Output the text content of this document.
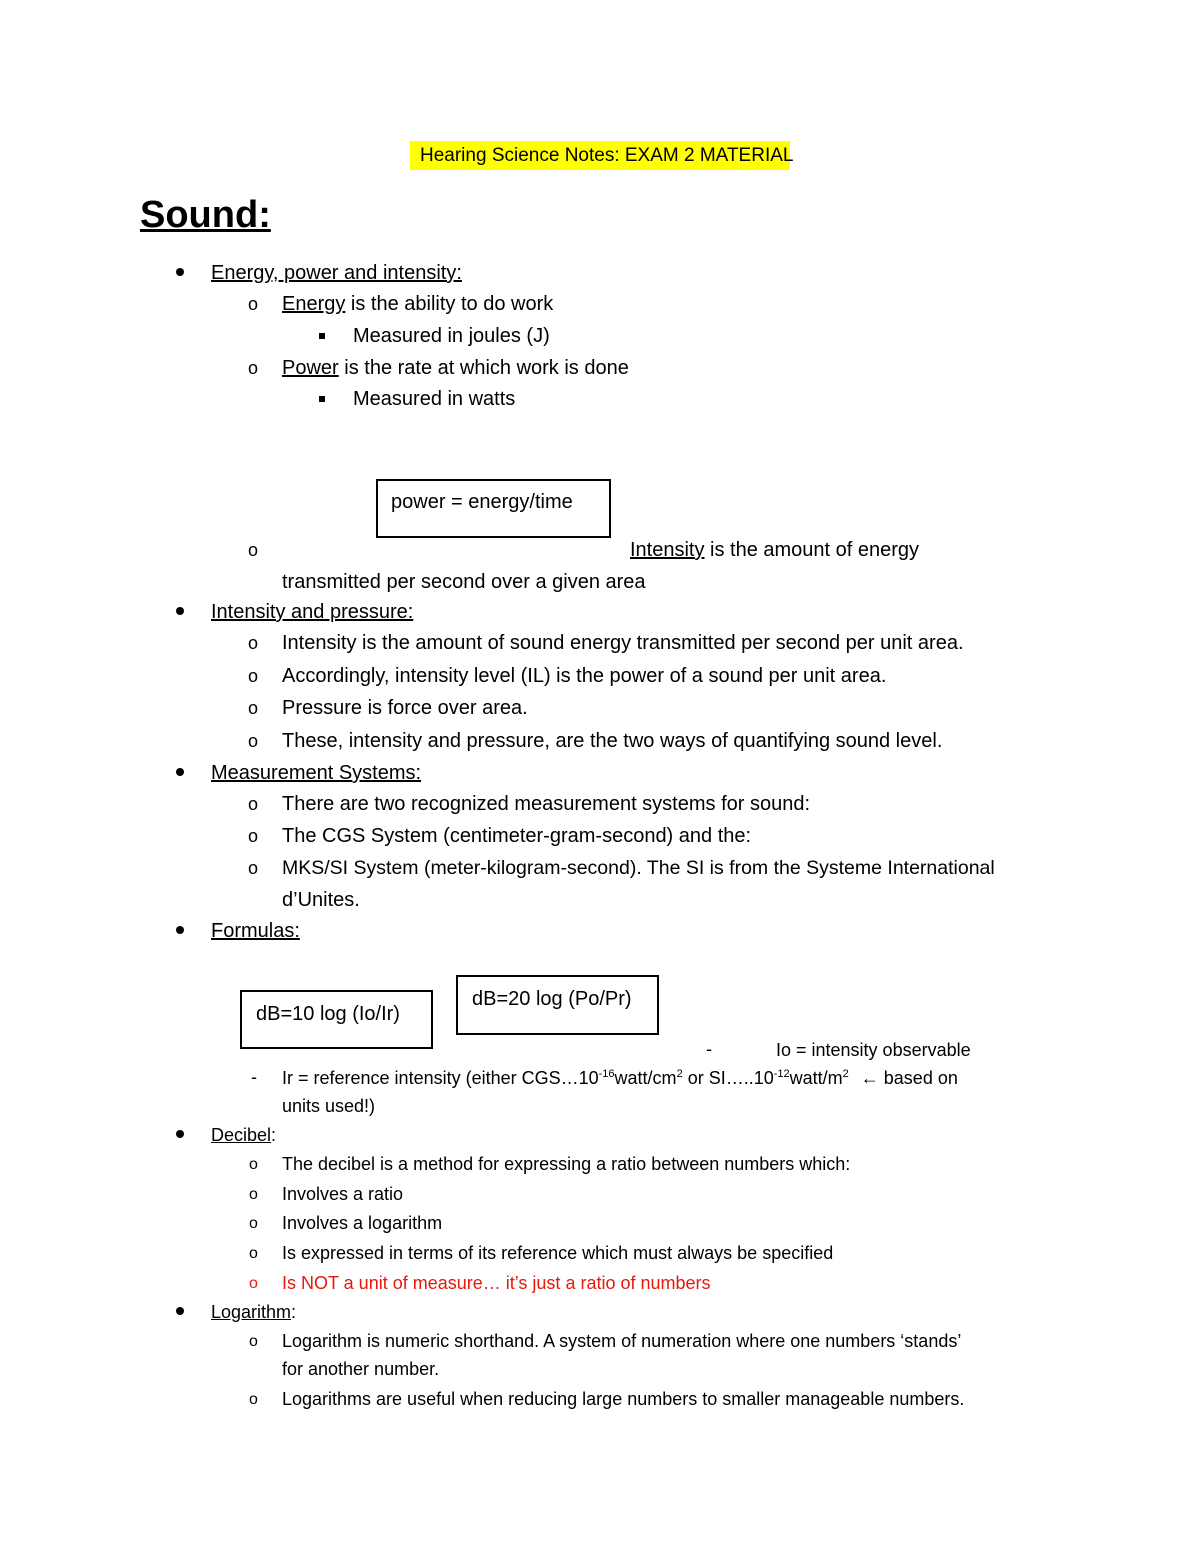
Hearing Science Notes: EXAM 2 MATERIAL
Sound:
Energy, power and intensity:
o Energy is the ability to do work
Measured in joules (J)
o Power is the rate at which work is done
Measured in watts
power = energy/time
o	Intensity is the amount of energy
transmitted per second over a given area
Intensity and pressure:
o Intensity is the amount of sound energy transmitted per second per unit area.
o Accordingly, intensity level (IL) is the power of a sound per unit area.
o Pressure is force over area.
o These, intensity and pressure, are the two ways of quantifying sound level.
Measurement Systems:
o There are two recognized measurement systems for sound:
o The CGS System (centimeter-gram-second) and the:
o MKS/SI System (meter-kilogram-second). The SI is from the Systeme International
d’Unites.
Formulas:
dB=10 log (Io/Ir)
dB=20 log (Po/Pr)
-	Io = intensity observable
- Ir = reference intensity (either $CGS\dots 10^{-16}watt/cm^2$ or $SI\dots..10^{-12}watt/m^2$ ← based on
units used!)
Decibel:
o The decibel is a method for expressing a ratio between numbers which:
o Involves a ratio
o Involves a logarithm
o Is expressed in terms of its reference which must always be specified
o Is NOT a unit of measure… it’s just a ratio of numbers
Logarithm:
o Logarithm is numeric shorthand. A system of numeration where one numbers ‘stands’
for another number.
o Logarithms are useful when reducing large numbers to smaller manageable numbers.
